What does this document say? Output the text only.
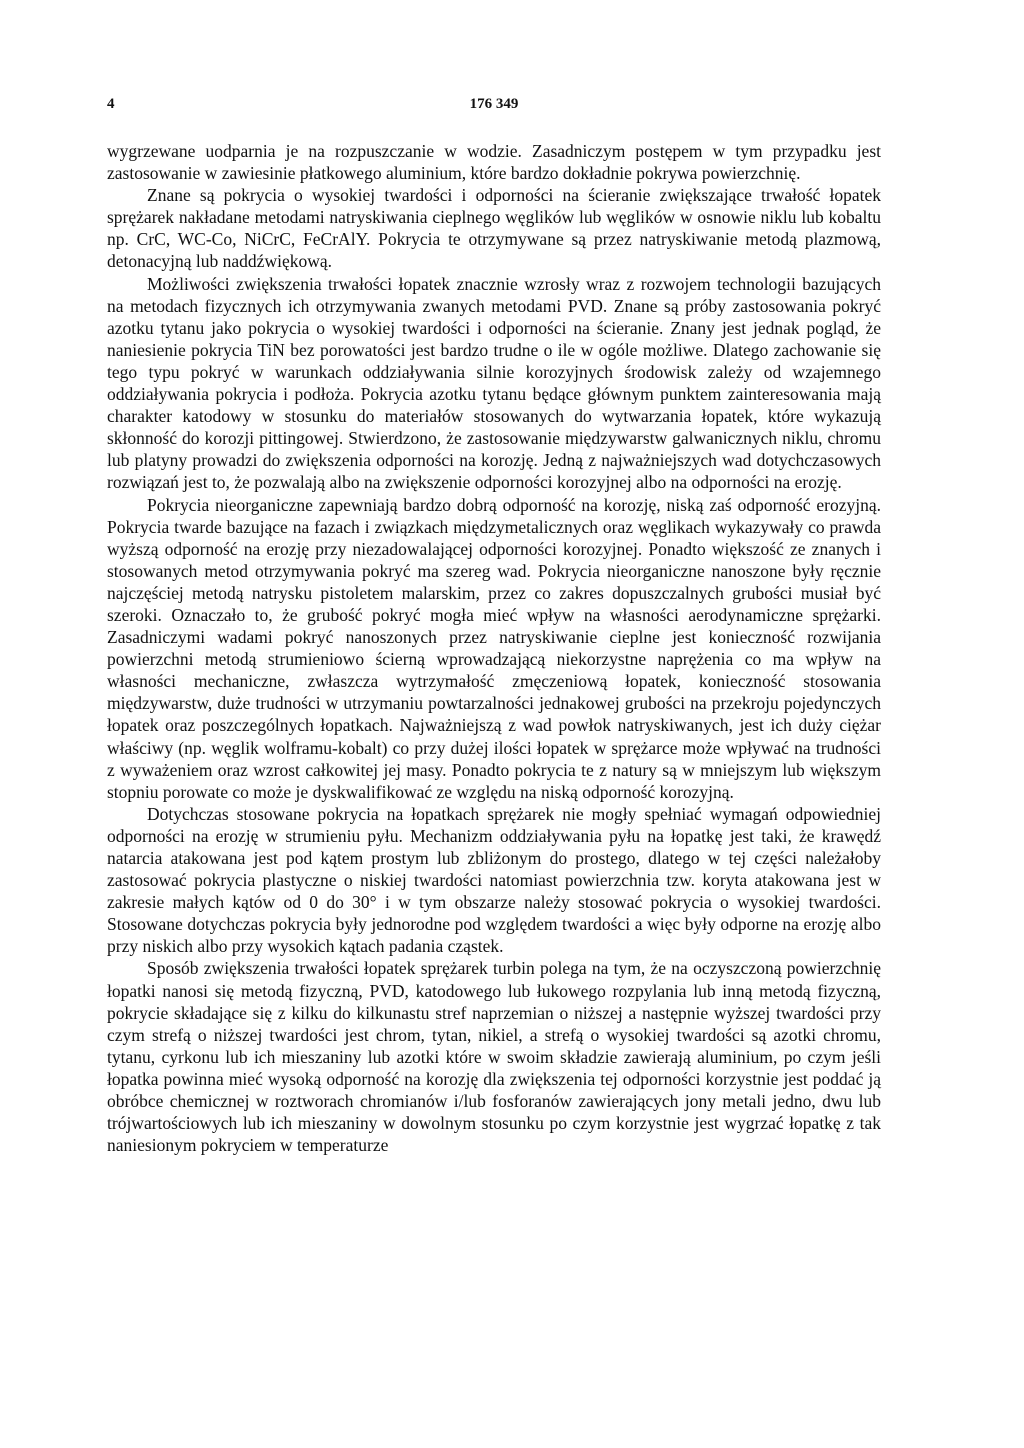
4	176 349

wygrzewane uodparnia je na rozpuszczanie w wodzie. Zasadniczym postępem w tym przypadku jest zastosowanie w zawiesinie płatkowego aluminium, które bardzo dokładnie pokrywa powierzchnię.

Znane są pokrycia o wysokiej twardości i odporności na ścieranie zwiększające trwałość łopatek sprężarek nakładane metodami natryskiwania cieplnego węglików lub węglików w osnowie niklu lub kobaltu np. CrC, WC-Co, NiCrC, FeCrAlY. Pokrycia te otrzymywane są przez natryskiwanie metodą plazmową, detonacyjną lub naddźwiękową.

Możliwości zwiększenia trwałości łopatek znacznie wzrosły wraz z rozwojem technologii bazujących na metodach fizycznych ich otrzymywania zwanych metodami PVD. Znane są próby zastosowania pokryć azotku tytanu jako pokrycia o wysokiej twardości i odporności na ścieranie. Znany jest jednak pogląd, że naniesienie pokrycia TiN bez porowatości jest bardzo trudne o ile w ogóle możliwe. Dlatego zachowanie się tego typu pokryć w warunkach oddziaływania silnie korozyjnych środowisk zależy od wzajemnego oddziaływania pokrycia i podłoża. Pokrycia azotku tytanu będące głównym punktem zainteresowania mają charakter katodowy w stosunku do materiałów stosowanych do wytwarzania łopatek, które wykazują skłonność do korozji pittingowej. Stwierdzono, że zastosowanie międzywarstw galwanicznych niklu, chromu lub platyny prowadzi do zwiększenia odporności na korozję. Jedną z najważniejszych wad dotychczasowych rozwiązań jest to, że pozwalają albo na zwiększenie odporności korozyjnej albo na odporności na erozję.

Pokrycia nieorganiczne zapewniają bardzo dobrą odporność na korozję, niską zaś odporność erozyjną. Pokrycia twarde bazujące na fazach i związkach międzymetalicznych oraz węglikach wykazywały co prawda wyższą odporność na erozję przy niezadowalającej odporności korozyjnej. Ponadto większość ze znanych i stosowanych metod otrzymywania pokryć ma szereg wad. Pokrycia nieorganiczne nanoszone były ręcznie najczęściej metodą natrysku pistoletem malarskim, przez co zakres dopuszczalnych grubości musiał być szeroki. Oznaczało to, że grubość pokryć mogła mieć wpływ na własności aerodynamiczne sprężarki. Zasadniczymi wadami pokryć nanoszonych przez natryskiwanie cieplne jest konieczność rozwijania powierzchni metodą strumieniowo ścierną wprowadzającą niekorzystne naprężenia co ma wpływ na własności mechaniczne, zwłaszcza wytrzymałość zmęczeniową łopatek, konieczność stosowania międzywarstw, duże trudności w utrzymaniu powtarzalności jednakowej grubości na przekroju pojedynczych łopatek oraz poszczególnych łopatkach. Najważniejszą z wad powłok natryskiwanych, jest ich duży ciężar właściwy (np. węglik wolframu-kobalt) co przy dużej ilości łopatek w sprężarce może wpływać na trudności z wyważeniem oraz wzrost całkowitej jej masy. Ponadto pokrycia te z natury są w mniejszym lub większym stopniu porowate co może je dyskwalifikować ze względu na niską odporność korozyjną.

Dotychczas stosowane pokrycia na łopatkach sprężarek nie mogły spełniać wymagań odpowiedniej odporności na erozję w strumieniu pyłu. Mechanizm oddziaływania pyłu na łopatkę jest taki, że krawędź natarcia atakowana jest pod kątem prostym lub zbliżonym do prostego, dlatego w tej części należałoby zastosować pokrycia plastyczne o niskiej twardości natomiast powierzchnia tzw. koryta atakowana jest w zakresie małych kątów od 0 do 30° i w tym obszarze należy stosować pokrycia o wysokiej twardości. Stosowane dotychczas pokrycia były jednorodne pod względem twardości a więc były odporne na erozję albo przy niskich albo przy wysokich kątach padania cząstek.

Sposób zwiększenia trwałości łopatek sprężarek turbin polega na tym, że na oczyszczoną powierzchnię łopatki nanosi się metodą fizyczną, PVD, katodowego lub łukowego rozpylania lub inną metodą fizyczną, pokrycie składające się z kilku do kilkunastu stref naprzemian o niższej a następnie wyższej twardości przy czym strefą o niższej twardości jest chrom, tytan, nikiel, a strefą o wysokiej twardości są azotki chromu, tytanu, cyrkonu lub ich mieszaniny lub azotki które w swoim składzie zawierają aluminium, po czym jeśli łopatka powinna mieć wysoką odporność na korozję dla zwiększenia tej odporności korzystnie jest poddać ją obróbce chemicznej w roztworach chromianów i/lub fosforanów zawierających jony metali jedno, dwu lub trójwartościowych lub ich mieszaniny w dowolnym stosunku po czym korzystnie jest wygrzać łopatkę z tak naniesionym pokryciem w temperaturze
